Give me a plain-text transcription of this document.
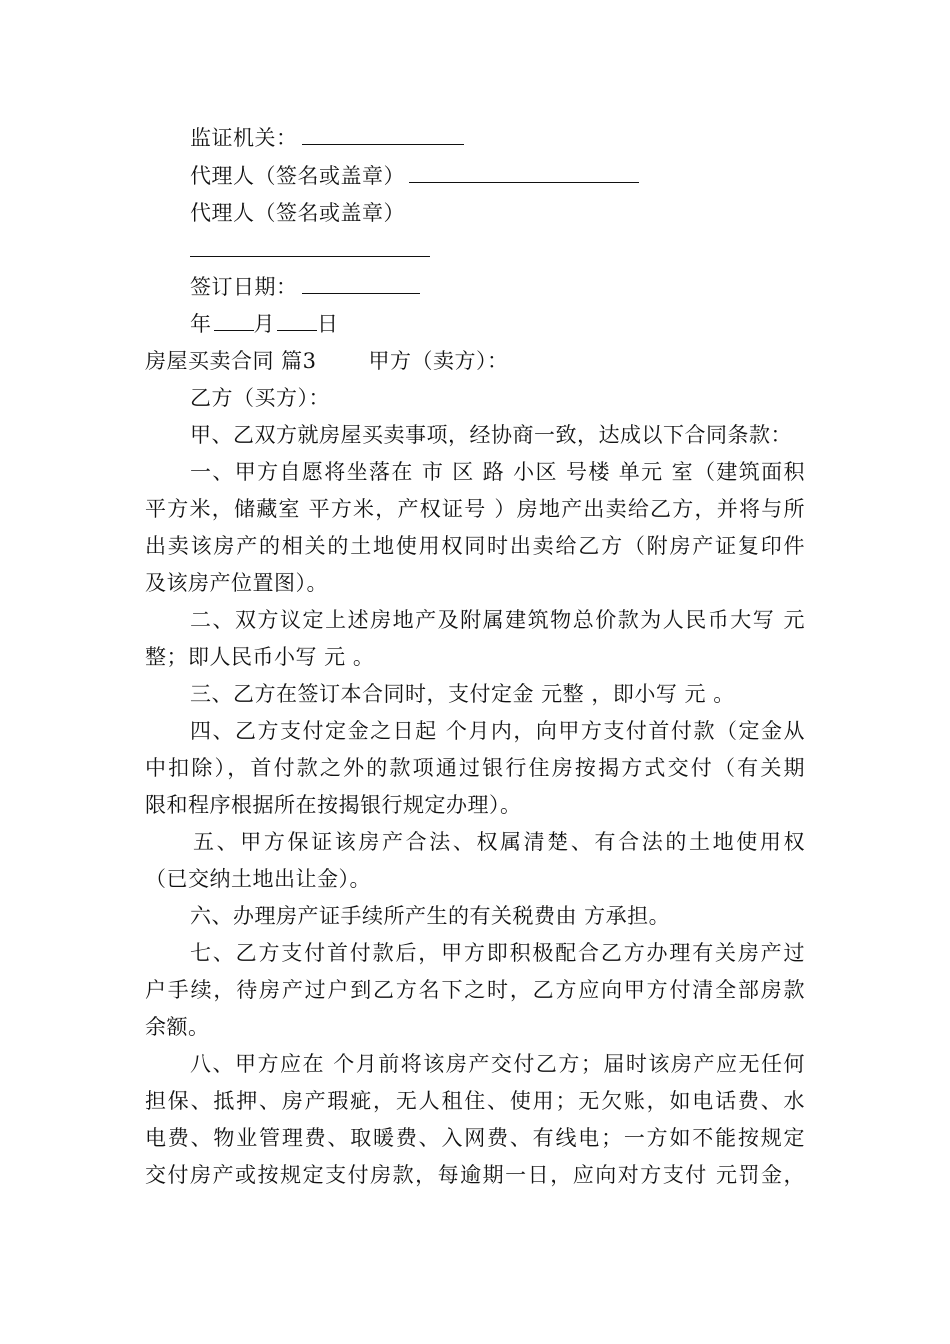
监证机关：
代理人（签名或盖章）
代理人（签名或盖章）
签订日期：
年 月 日
房屋买卖合同 篇3 甲方（卖方）：
乙方（买方）：
甲、乙双方就房屋买卖事项，经协商一致，达成以下合同条款：
一、甲方自愿将坐落在 市 区 路 小区 号楼 单元 室（建筑面积
平方米，储藏室 平方米，产权证号 ）房地产出卖给乙方，并将与所
出卖该房产的相关的土地使用权同时出卖给乙方（附房产证复印件
及该房产位置图）。
二、双方议定上述房地产及附属建筑物总价款为人民币大写 元
整；即人民币小写 元 。
三、乙方在签订本合同时，支付定金 元整 ，即小写 元 。
四、乙方支付定金之日起 个月内，向甲方支付首付款（定金从
中扣除），首付款之外的款项通过银行住房按揭方式交付（有关期
限和程序根据所在按揭银行规定办理）。
五、甲方保证该房产合法、权属清楚、有合法的土地使用权
（已交纳土地出让金）。
六、办理房产证手续所产生的有关税费由 方承担。
七、乙方支付首付款后，甲方即积极配合乙方办理有关房产过
户手续，待房产过户到乙方名下之时，乙方应向甲方付清全部房款
余额。
八、甲方应在 个月前将该房产交付乙方；届时该房产应无任何
担保、抵押、房产瑕疵，无人租住、使用；无欠账，如电话费、水
电费、物业管理费、取暖费、入网费、有线电；一方如不能按规定
交付房产或按规定支付房款，每逾期一日，应向对方支付 元罚金，
